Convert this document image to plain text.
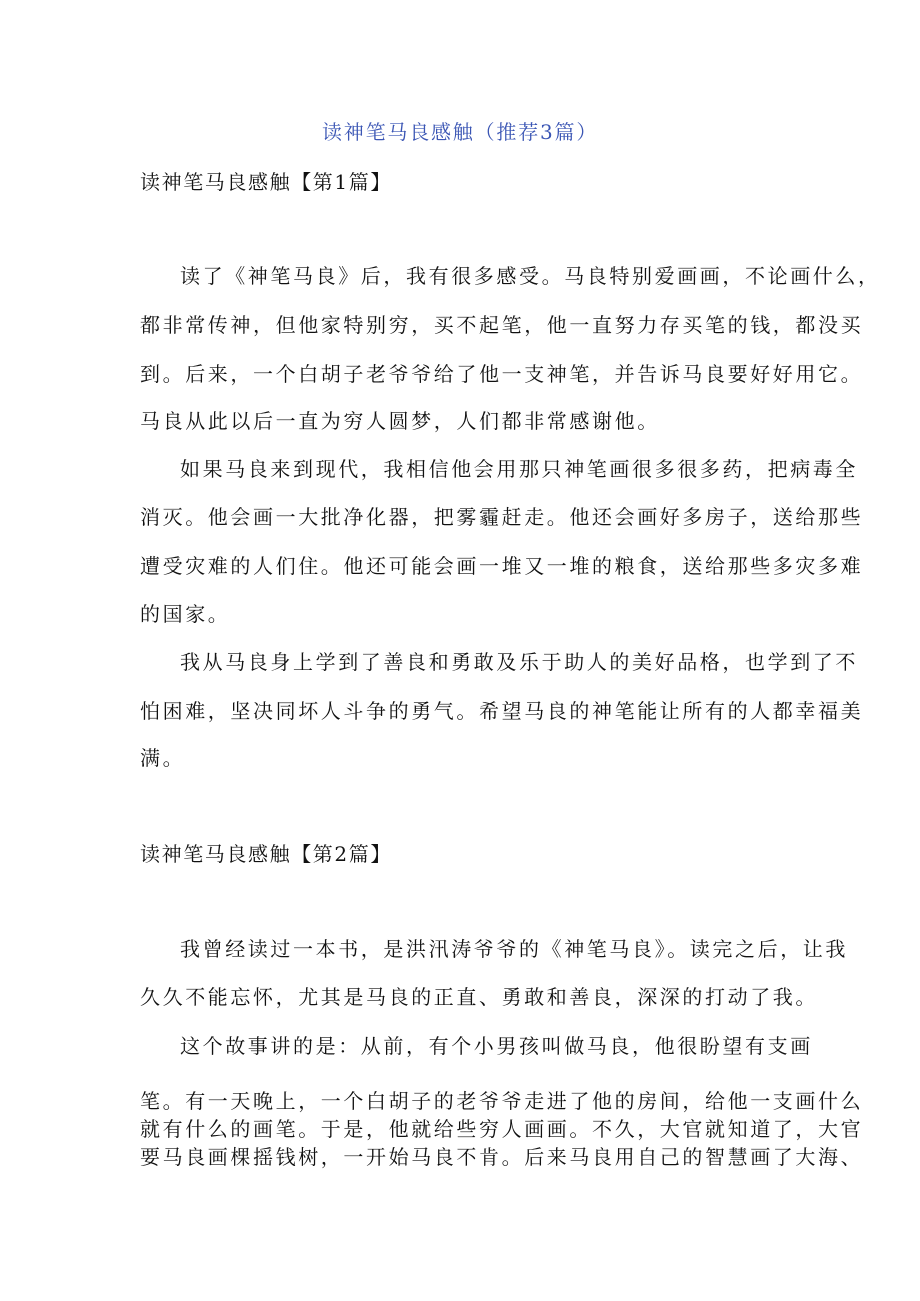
读神笔马良感触（推荐3篇）
读神笔马良感触【第1篇】
读了《神笔马良》后，我有很多感受。马良特别爱画画，不论画什么，
都非常传神，但他家特别穷，买不起笔，他一直努力存买笔的钱，都没买
到。后来，一个白胡子老爷爷给了他一支神笔，并告诉马良要好好用它。
马良从此以后一直为穷人圆梦，人们都非常感谢他。
如果马良来到现代，我相信他会用那只神笔画很多很多药，把病毒全
消灭。他会画一大批净化器，把雾霾赶走。他还会画好多房子，送给那些
遭受灾难的人们住。他还可能会画一堆又一堆的粮食，送给那些多灾多难
的国家。
我从马良身上学到了善良和勇敢及乐于助人的美好品格，也学到了不
怕困难，坚决同坏人斗争的勇气。希望马良的神笔能让所有的人都幸福美
满。
读神笔马良感触【第2篇】
我曾经读过一本书，是洪汛涛爷爷的《神笔马良》。读完之后，让我
久久不能忘怀，尤其是马良的正直、勇敢和善良，深深的打动了我。
这个故事讲的是：从前，有个小男孩叫做马良，他很盼望有支画
笔。有一天晚上，一个白胡子的老爷爷走进了他的房间，给他一支画什么
就有什么的画笔。于是，他就给些穷人画画。不久，大官就知道了，大官
要马良画棵摇钱树，一开始马良不肯。后来马良用自己的智慧画了大海、
